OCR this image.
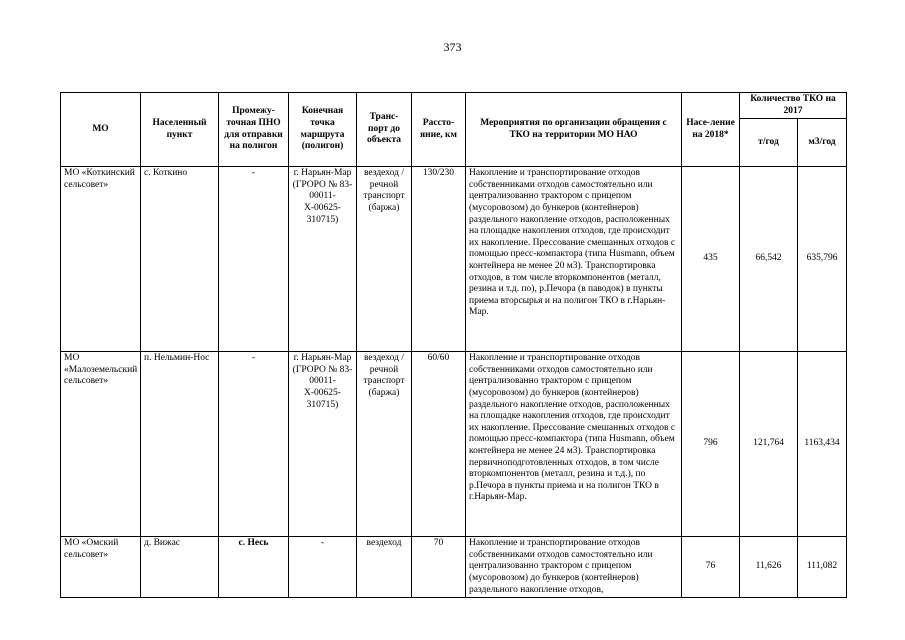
373
МО	Населенный пункт	Промежу-точная ПНО для отправки на полигон	Конечная точка маршрута (полигон)	Транс-порт до объекта	Рассто-яние, км	Мероприятия по организации обращения с ТКО на территории МО НАО	Насе-ление на 2018*	Количество ТКО на 2017	
								т/год	м3/год
МО «Коткинский сельсовет»	с. Коткино	-	г. Нарьян-Мар (ГРОРО № 83-00011-Х-00625-310715)	вездеход / речной транспорт (баржа)	130/230	Накопление и транспортирование отходов собственниками отходов самостоятельно или централизованно трактором с прицепом (мусоровозом) до бункеров (контейнеров) раздельного накопление отходов, расположенных на площадке накопления отходов, где происходит их накопление. Прессование смешанных отходов с помощью пресс-компактора (типа Husmann, объем контейнера не менее 20 м3). Транспортировка отходов, в том числе вторкомпонентов (металл, резина и т.д. по), р.Печора (в паводок) в пункты приема вторсырья и на полигон ТКО в г.Нарьян-Мар.	435	66,542	635,796
МО «Малоземельский сельсовет»	п. Нельмин-Нос	-	г. Нарьян-Мар (ГРОРО № 83-00011-Х-00625-310715)	вездеход / речной транспорт (баржа)	60/60	Накопление и транспортирование отходов собственниками отходов самостоятельно или централизованно трактором с прицепом (мусоровозом) до бункеров (контейнеров) раздельного накопление отходов, расположенных на площадке накопления отходов, где происходит их накопление. Прессование смешанных отходов с помощью пресс-компактора (типа Husmann, объем контейнера не менее 24 м3). Транспортировка первичноподготовленных отходов, в том числе вторкомпонентов (металл, резина и т.д.), по р.Печора в пункты приема и на полигон ТКО в г.Нарьян-Мар.	796	121,764	1163,434
МО «Омский сельсовет»	д. Вижас	с. Несь	-	вездеход	70	Накопление и транспортирование отходов собственниками отходов самостоятельно или централизованно трактором с прицепом (мусоровозом) до бункеров (контейнеров) раздельного накопление отходов,	76	11,626	111,082
